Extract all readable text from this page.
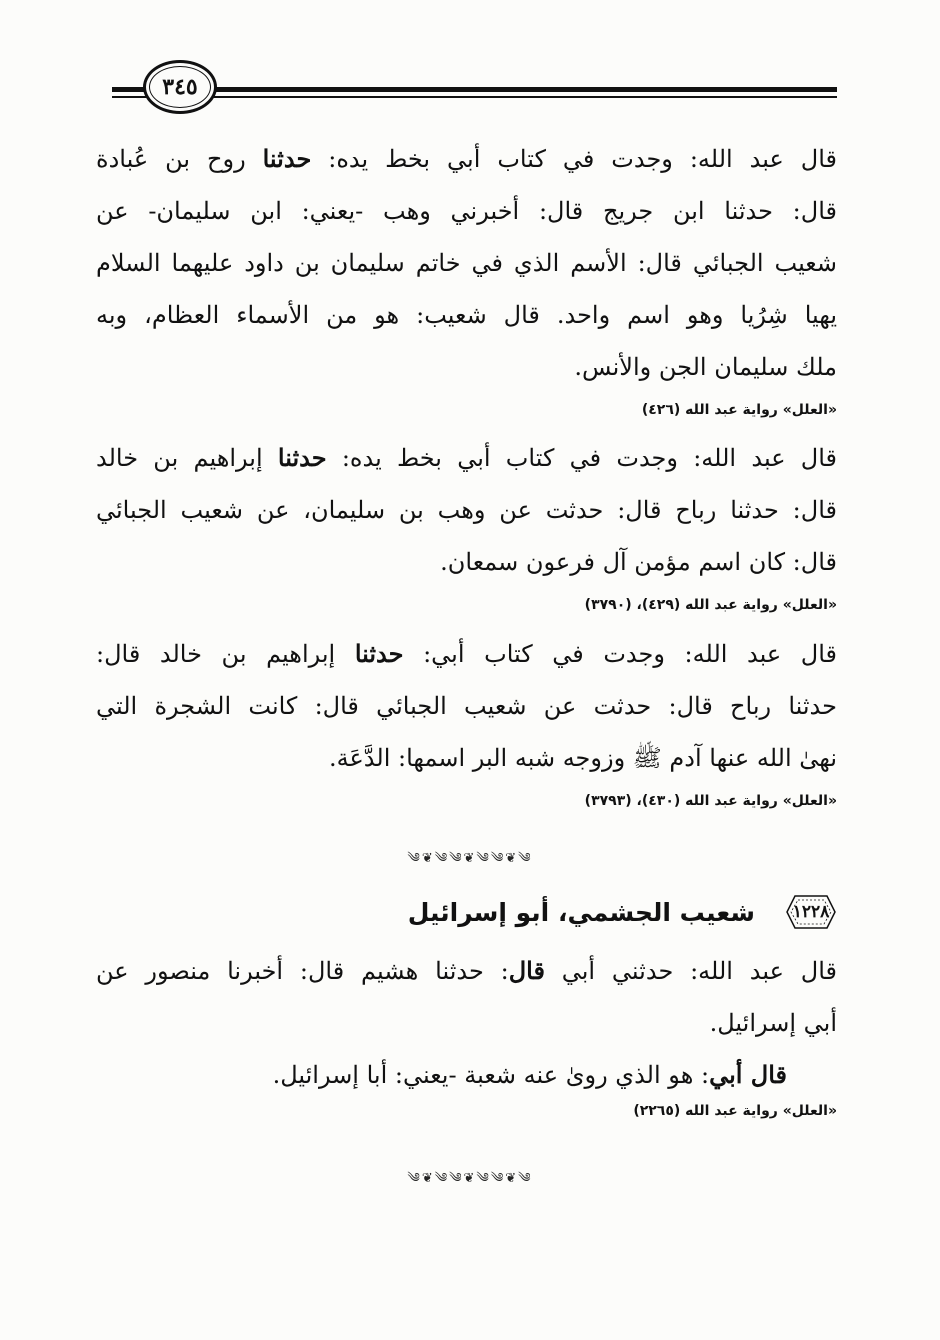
٣٤٥
قال عبد الله: وجدت في كتاب أبي بخط يده: حدثنا روح بن عُبادة
قال: حدثنا ابن جريج قال: أخبرني وهب -يعني: ابن سليمان- عن
شعيب الجبائي قال: الأسم الذي في خاتم سليمان بن داود عليهما السلام
يهيا شِرُيا وهو اسم واحد. قال شعيب: هو من الأسماء العظام، وبه
ملك سليمان الجن والأنس.
«العلل» رواية عبد الله (٤٢٦)
قال عبد الله: وجدت في كتاب أبي بخط يده: حدثنا إبراهيم بن خالد
قال: حدثنا رباح قال: حدثت عن وهب بن سليمان، عن شعيب الجبائي
قال: كان اسم مؤمن آل فرعون سمعان.
«العلل» رواية عبد الله (٤٢٩)، (٣٧٩٠)
قال عبد الله: وجدت في كتاب أبي: حدثنا إبراهيم بن خالد قال:
حدثنا رباح قال: حدثت عن شعيب الجبائي قال: كانت الشجرة التي
نهىٰ الله عنها آدم ﷺ وزوجه شبه البر اسمها: الدَّعَة.
«العلل» رواية عبد الله (٤٣٠)، (٣٧٩٣)
༄❦༄༄❦༄༄❦༄
١٢٢٨
شعيب الجشمي، أبو إسرائيل
قال عبد الله: حدثني أبي قال: حدثنا هشيم قال: أخبرنا منصور عن
أبي إسرائيل.
قال أبي: هو الذي روىٰ عنه شعبة -يعني: أبا إسرائيل.
«العلل» رواية عبد الله (٢٢٦٥)
༄❦༄༄❦༄༄❦༄
